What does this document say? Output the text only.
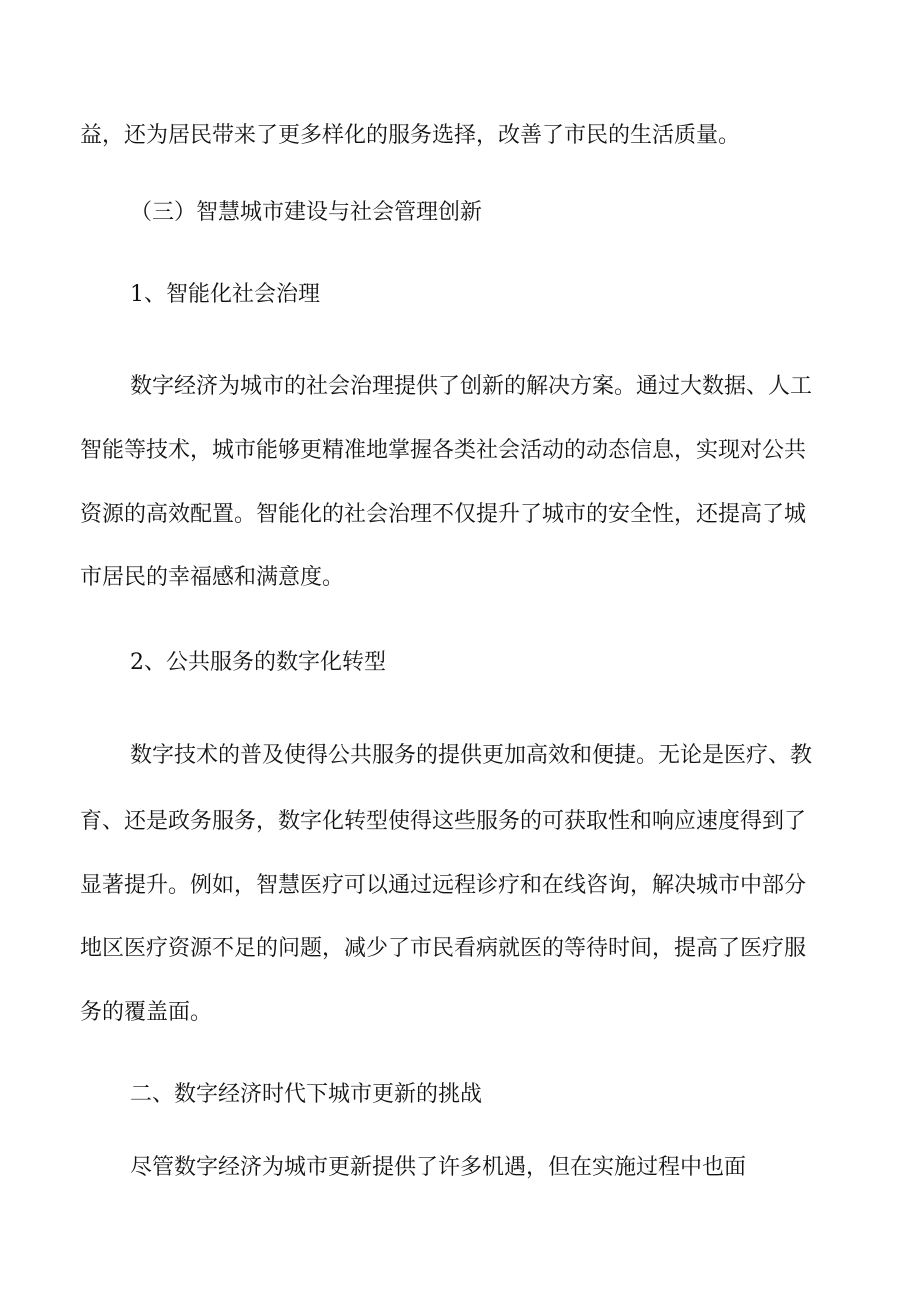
益，还为居民带来了更多样化的服务选择，改善了市民的生活质量。
（三）智慧城市建设与社会管理创新
1、智能化社会治理
数字经济为城市的社会治理提供了创新的解决方案。通过大数据、人工
智能等技术，城市能够更精准地掌握各类社会活动的动态信息，实现对公共
资源的高效配置。智能化的社会治理不仅提升了城市的安全性，还提高了城
市居民的幸福感和满意度。
2、公共服务的数字化转型
数字技术的普及使得公共服务的提供更加高效和便捷。无论是医疗、教
育、还是政务服务，数字化转型使得这些服务的可获取性和响应速度得到了
显著提升。例如，智慧医疗可以通过远程诊疗和在线咨询，解决城市中部分
地区医疗资源不足的问题，减少了市民看病就医的等待时间，提高了医疗服
务的覆盖面。
二、数字经济时代下城市更新的挑战
尽管数字经济为城市更新提供了许多机遇，但在实施过程中也面
